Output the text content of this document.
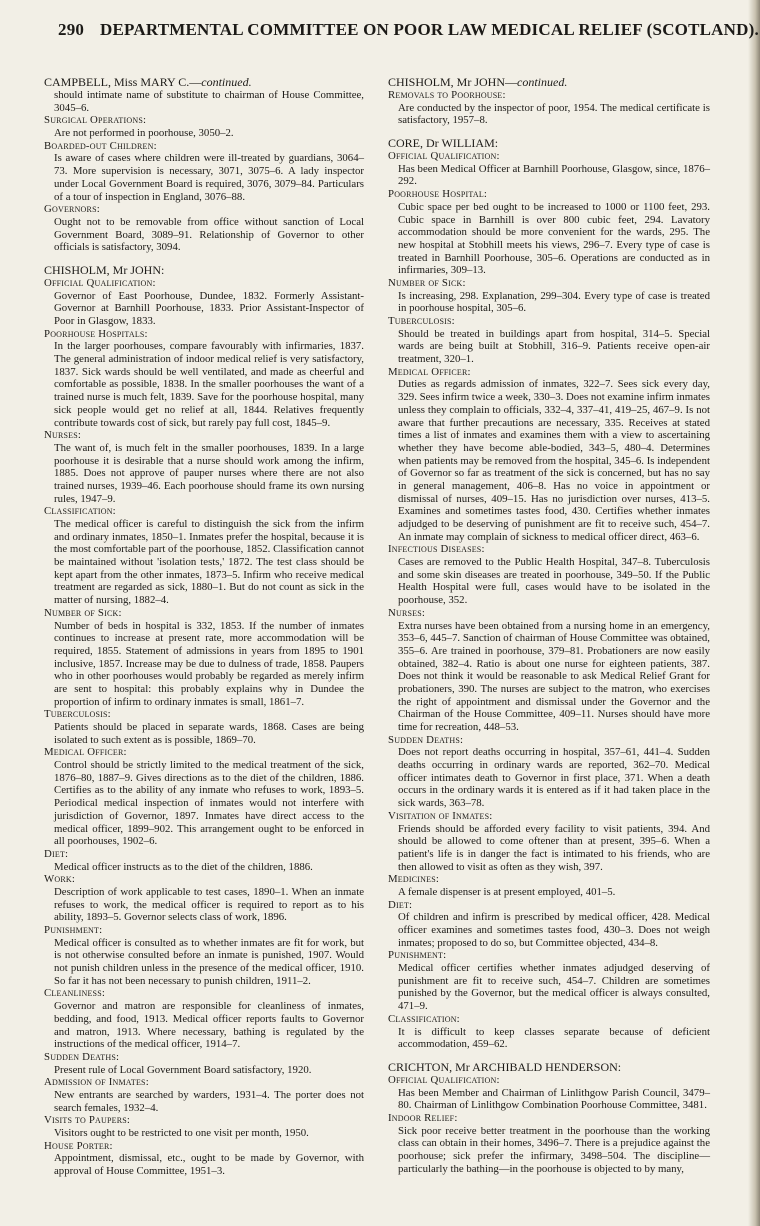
290 DEPARTMENTAL COMMITTEE ON POOR LAW MEDICAL RELIEF (SCOTLAND).
CAMPBELL, Miss MARY C.—continued.
should intimate name of substitute to chairman of House Committee, 3045–6.
Surgical Operations:
Are not performed in poorhouse, 3050–2.
Boarded-out Children:
Is aware of cases where children were ill-treated by guardians, 3064–73. More supervision is necessary, 3071, 3075–6. A lady inspector under Local Government Board is required, 3076, 3079–84. Particulars of a tour of inspection in England, 3076–88.
Governors:
Ought not to be removable from office without sanction of Local Government Board, 3089–91. Relationship of Governor to other officials is satisfactory, 3094.
CHISHOLM, Mr JOHN:
Official Qualification:
Governor of East Poorhouse, Dundee, 1832. Formerly Assistant-Governor at Barnhill Poorhouse, 1833. Prior Assistant-Inspector of Poor in Glasgow, 1833.
Poorhouse Hospitals:
In the larger poorhouses, compare favourably with infirmaries, 1837. The general administration of indoor medical relief is very satisfactory, 1837. Sick wards should be well ventilated, and made as cheerful and comfortable as possible, 1838. In the smaller poorhouses the want of a trained nurse is much felt, 1839. Save for the poorhouse hospital, many sick people would get no relief at all, 1844. Relatives frequently contribute towards cost of sick, but rarely pay full cost, 1845–9.
Nurses:
The want of, is much felt in the smaller poorhouses, 1839. In a large poorhouse it is desirable that a nurse should work among the infirm, 1885. Does not approve of pauper nurses where there are not also trained nurses, 1939–46. Each poorhouse should frame its own nursing rules, 1947–9.
Classification:
The medical officer is careful to distinguish the sick from the infirm and ordinary inmates, 1850–1. Inmates prefer the hospital, because it is the most comfortable part of the poorhouse, 1852. Classification cannot be maintained without 'isolation tests,' 1872. The test class should be kept apart from the other inmates, 1873–5. Infirm who receive medical treatment are regarded as sick, 1880–1. But do not count as sick in the matter of nursing, 1882–4.
Number of Sick:
Number of beds in hospital is 332, 1853. If the number of inmates continues to increase at present rate, more accommodation will be required, 1855. Statement of admissions in years from 1895 to 1901 inclusive, 1857. Increase may be due to dulness of trade, 1858. Paupers who in other poorhouses would probably be regarded as merely infirm are sent to hospital: this probably explains why in Dundee the proportion of infirm to ordinary inmates is small, 1861–7.
Tuberculosis:
Patients should be placed in separate wards, 1868. Cases are being isolated to such extent as is possible, 1869–70.
Medical Officer:
Control should be strictly limited to the medical treatment of the sick, 1876–80, 1887–9. Gives directions as to the diet of the children, 1886. Certifies as to the ability of any inmate who refuses to work, 1893–5. Periodical medical inspection of inmates would not interfere with jurisdiction of Governor, 1897. Inmates have direct access to the medical officer, 1899–902. This arrangement ought to be enforced in all poorhouses, 1902–6.
Diet:
Medical officer instructs as to the diet of the children, 1886.
Work:
Description of work applicable to test cases, 1890–1. When an inmate refuses to work, the medical officer is required to report as to his ability, 1893–5. Governor selects class of work, 1896.
Punishment:
Medical officer is consulted as to whether inmates are fit for work, but is not otherwise consulted before an inmate is punished, 1907. Would not punish children unless in the presence of the medical officer, 1910. So far it has not been necessary to punish children, 1911–2.
Cleanliness:
Governor and matron are responsible for cleanliness of inmates, bedding, and food, 1913. Medical officer reports faults to Governor and matron, 1913. Where necessary, bathing is regulated by the instructions of the medical officer, 1914–7.
Sudden Deaths:
Present rule of Local Government Board satisfactory, 1920.
Admission of Inmates:
New entrants are searched by warders, 1931–4. The porter does not search females, 1932–4.
Visits to Paupers:
Visitors ought to be restricted to one visit per month, 1950.
House Porter:
Appointment, dismissal, etc., ought to be made by Governor, with approval of House Committee, 1951–3.
CHISHOLM, Mr JOHN—continued.
Removals to Poorhouse:
Are conducted by the inspector of poor, 1954. The medical certificate is satisfactory, 1957–8.
CORE, Dr WILLIAM:
Official Qualification:
Has been Medical Officer at Barnhill Poorhouse, Glasgow, since, 1876–292.
Poorhouse Hospital:
Cubic space per bed ought to be increased to 1000 or 1100 feet, 293. Cubic space in Barnhill is over 800 cubic feet, 294. Lavatory accommodation should be more convenient for the wards, 295. The new hospital at Stobhill meets his views, 296–7. Every type of case is treated in Barnhill Poorhouse, 305–6. Operations are conducted as in infirmaries, 309–13.
Number of Sick:
Is increasing, 298. Explanation, 299–304. Every type of case is treated in poorhouse hospital, 305–6.
Tuberculosis:
Should be treated in buildings apart from hospital, 314–5. Special wards are being built at Stobhill, 316–9. Patients receive open-air treatment, 320–1.
Medical Officer:
Duties as regards admission of inmates, 322–7. Sees sick every day, 329. Sees infirm twice a week, 330–3. Does not examine infirm inmates unless they complain to officials, 332–4, 337–41, 419–25, 467–9. Is not aware that further precautions are necessary, 335. Receives at stated times a list of inmates and examines them with a view to ascertaining whether they have become able-bodied, 343–5, 480–4. Determines when patients may be removed from the hospital, 345–6. Is independent of Governor so far as treatment of the sick is concerned, but has no say in general management, 406–8. Has no voice in appointment or dismissal of nurses, 409–15. Has no jurisdiction over nurses, 413–5. Examines and sometimes tastes food, 430. Certifies whether inmates adjudged to be deserving of punishment are fit to receive such, 454–7. An inmate may complain of sickness to medical officer direct, 463–6.
Infectious Diseases:
Cases are removed to the Public Health Hospital, 347–8. Tuberculosis and some skin diseases are treated in poorhouse, 349–50. If the Public Health Hospital were full, cases would have to be isolated in the poorhouse, 352.
Nurses:
Extra nurses have been obtained from a nursing home in an emergency, 353–6, 445–7. Sanction of chairman of House Committee was obtained, 355–6. Are trained in poorhouse, 379–81. Probationers are now easily obtained, 382–4. Ratio is about one nurse for eighteen patients, 387. Does not think it would be reasonable to ask Medical Relief Grant for probationers, 390. The nurses are subject to the matron, who exercises the right of appointment and dismissal under the Governor and the Chairman of the House Committee, 409–11. Nurses should have more time for recreation, 448–53.
Sudden Deaths:
Does not report deaths occurring in hospital, 357–61, 441–4. Sudden deaths occurring in ordinary wards are reported, 362–70. Medical officer intimates death to Governor in first place, 371. When a death occurs in the ordinary wards it is entered as if it had taken place in the sick wards, 363–78.
Visitation of Inmates:
Friends should be afforded every facility to visit patients, 394. And should be allowed to come oftener than at present, 395–6. When a patient's life is in danger the fact is intimated to his friends, who are then allowed to visit as often as they wish, 397.
Medicines:
A female dispenser is at present employed, 401–5.
Diet:
Of children and infirm is prescribed by medical officer, 428. Medical officer examines and sometimes tastes food, 430–3. Does not weigh inmates; proposed to do so, but Committee objected, 434–8.
Punishment:
Medical officer certifies whether inmates adjudged deserving of punishment are fit to receive such, 454–7. Children are sometimes punished by the Governor, but the medical officer is always consulted, 471–9.
Classification:
It is difficult to keep classes separate because of deficient accommodation, 459–62.
CRICHTON, Mr ARCHIBALD HENDERSON:
Official Qualification:
Has been Member and Chairman of Linlithgow Parish Council, 3479–80. Chairman of Linlithgow Combination Poorhouse Committee, 3481.
Indoor Relief:
Sick poor receive better treatment in the poorhouse than the working class can obtain in their homes, 3496–7. There is a prejudice against the poorhouse; sick prefer the infirmary, 3498–504. The discipline—particularly the bathing—in the poorhouse is objected to by many,
